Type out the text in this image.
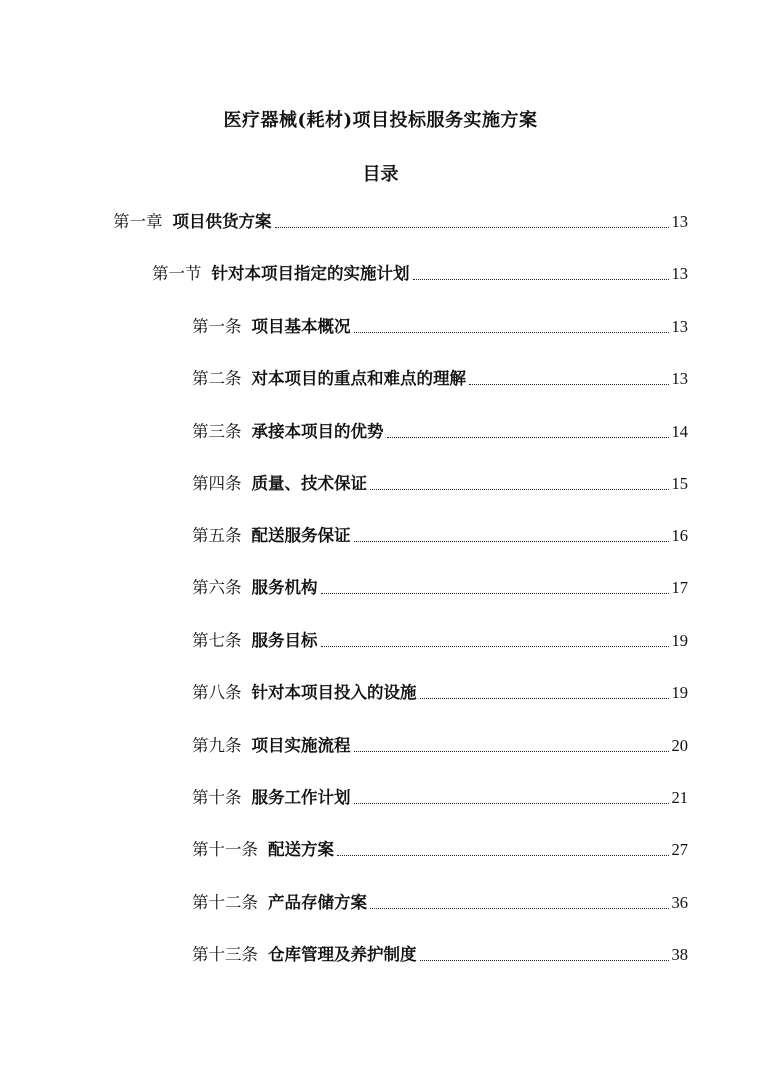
医疗器械(耗材)项目投标服务实施方案
目录
第一章 项目供货方案	13
第一节 针对本项目指定的实施计划	13
第一条 项目基本概况	13
第二条 对本项目的重点和难点的理解	13
第三条 承接本项目的优势	14
第四条 质量、技术保证	15
第五条 配送服务保证	16
第六条 服务机构	17
第七条 服务目标	19
第八条 针对本项目投入的设施	19
第九条 项目实施流程	20
第十条 服务工作计划	21
第十一条 配送方案	27
第十二条 产品存储方案	36
第十三条 仓库管理及养护制度	38
